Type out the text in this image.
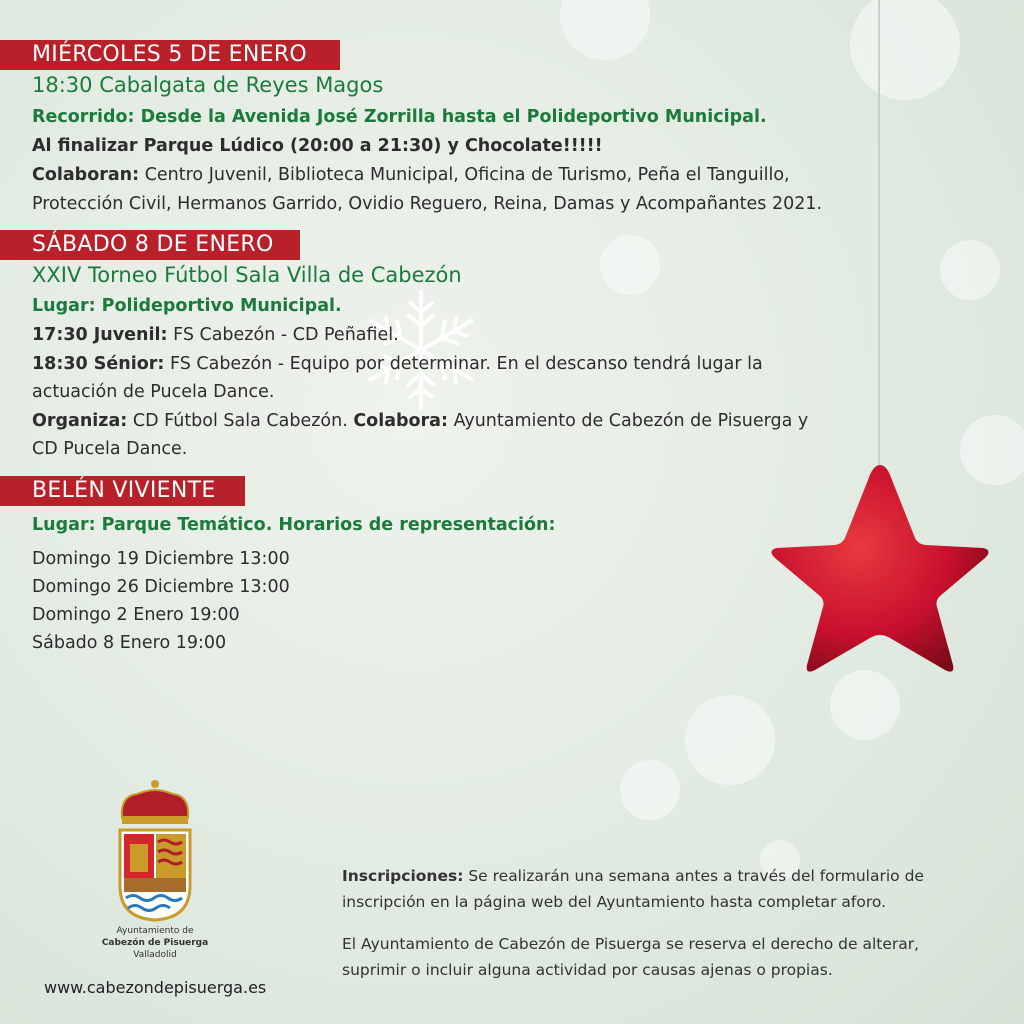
MIÉRCOLES 5 DE ENERO
18:30 Cabalgata de Reyes Magos
Recorrido: Desde la Avenida José Zorrilla hasta el Polideportivo Municipal.
Al finalizar Parque Lúdico (20:00 a 21:30) y Chocolate!!!!!
Colaboran: Centro Juvenil, Biblioteca Municipal, Oficina de Turismo, Peña el Tanguillo,
Protección Civil, Hermanos Garrido, Ovidio Reguero, Reina, Damas y Acompañantes 2021.
SÁBADO 8 DE ENERO
XXIV Torneo Fútbol Sala Villa de Cabezón
Lugar: Polideportivo Municipal.
17:30 Juvenil: FS Cabezón - CD Peñafiel.
18:30 Sénior: FS Cabezón - Equipo por determinar. En el descanso tendrá lugar la
actuación de Pucela Dance.
Organiza: CD Fútbol Sala Cabezón. Colabora: Ayuntamiento de Cabezón de Pisuerga y
CD Pucela Dance.
BELÉN VIVIENTE
Lugar: Parque Temático. Horarios de representación:
Domingo 19 Diciembre 13:00
Domingo 26 Diciembre 13:00
Domingo 2 Enero 19:00
Sábado 8 Enero 19:00
Ayuntamiento de
Cabezón de Pisuerga
Valladolid
www.cabezondepisuerga.es
Inscripciones: Se realizarán una semana antes a través del formulario de
inscripción en la página web del Ayuntamiento hasta completar aforo.
El Ayuntamiento de Cabezón de Pisuerga se reserva el derecho de alterar,
suprimir o incluir alguna actividad por causas ajenas o propias.
